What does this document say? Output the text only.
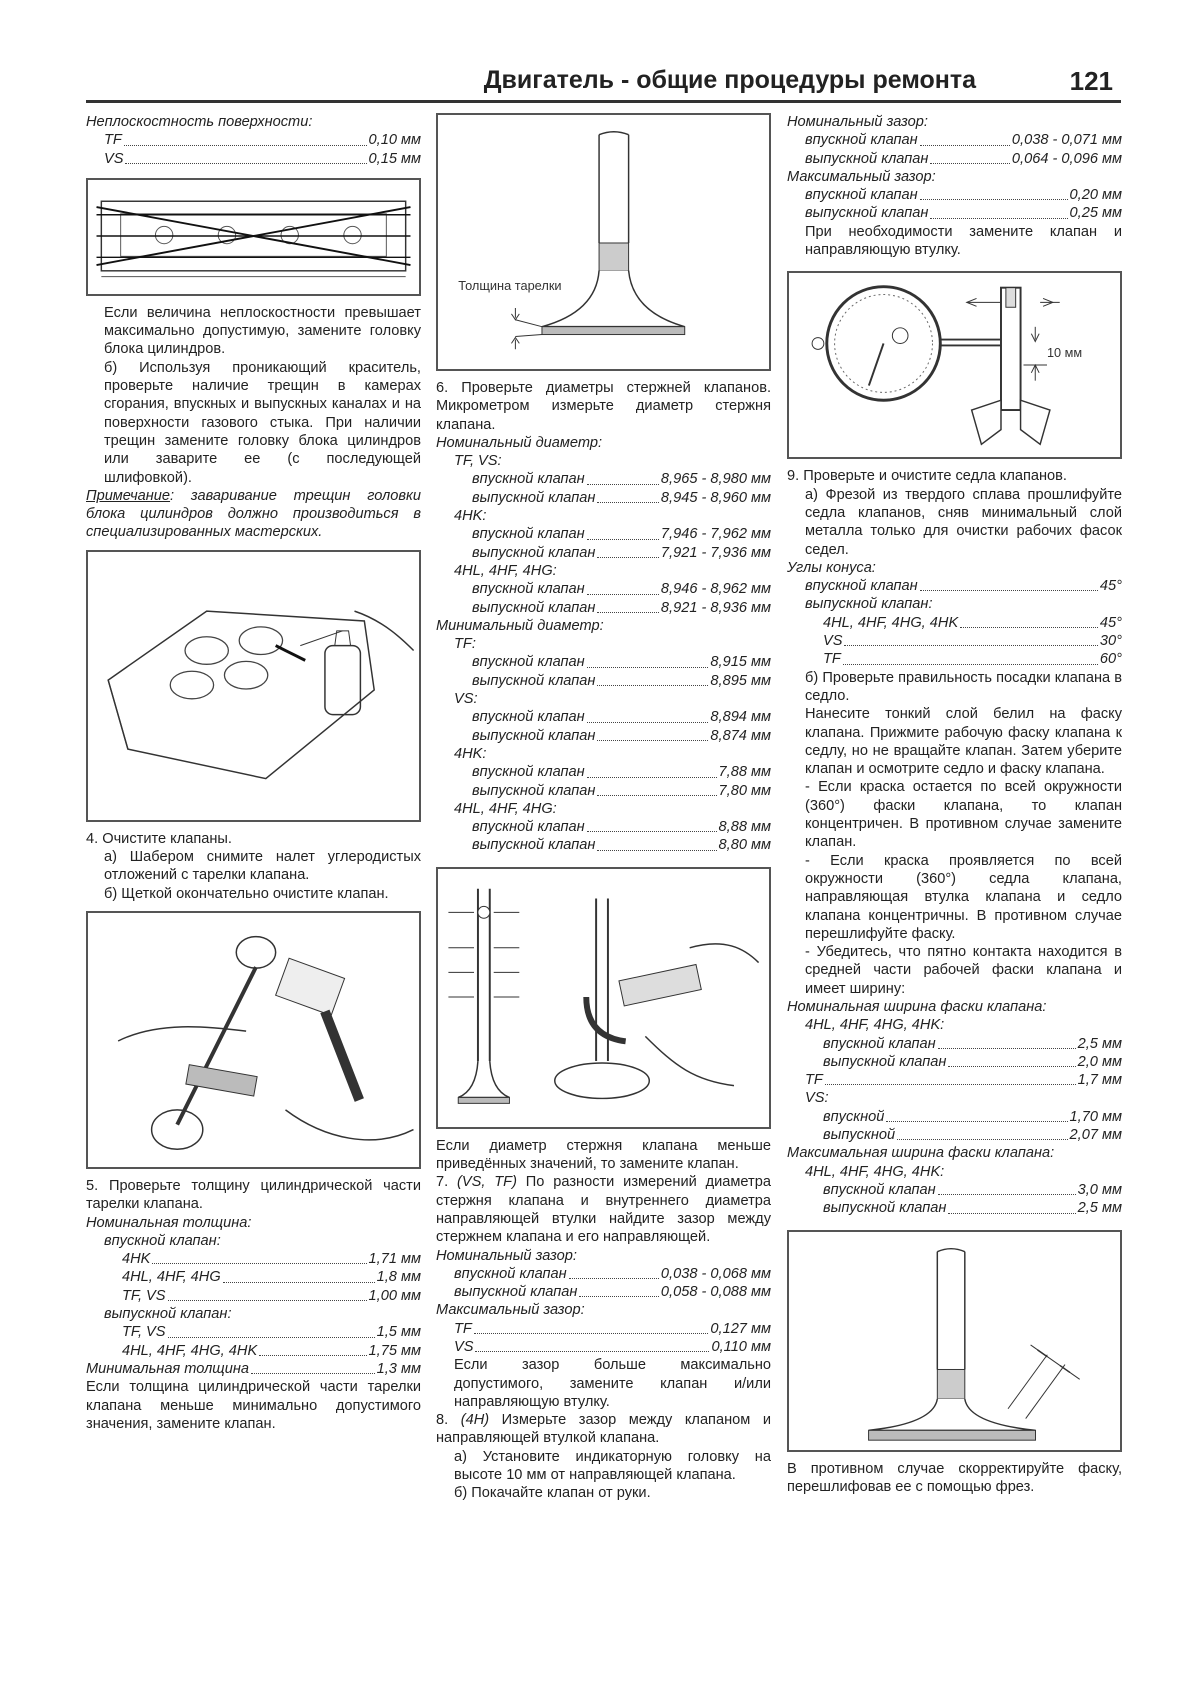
Двигатель - общие процедуры ремонта	121

Неплоскостность поверхности:

TF	0,10 мм
VS	0,15 мм

Если величина неплоскостности превышает максимально допустимую, замените головку блока цилиндров.

б) Используя проникающий краситель, проверьте наличие трещин в камерах сгорания, впускных и выпускных каналах и на поверхности газового стыка. При наличии трещин замените головку блока цилиндров или заварите ее (с последующей шлифовкой).

Примечание: заваривание трещин головки блока цилиндров должно производиться в специализированных мастерских.

4. Очистите клапаны.

а) Шабером снимите налет углеродистых отложений с тарелки клапана.

б) Щеткой окончательно очистите клапан.

5. Проверьте толщину цилиндрической части тарелки клапана.

Номинальная толщина:

впускной клапан:

4HK	1,71 мм
4HL, 4HF, 4HG	1,8 мм
TF, VS	1,00 мм

выпускной клапан:

TF, VS	1,5 мм
4HL, 4HF, 4HG, 4HK	1,75 мм
Минимальная толщина	1,3 мм

Если толщина цилиндрической части тарелки клапана меньше минимально допустимого значения, замените клапан.

Толщина тарелки

6. Проверьте диаметры стержней клапанов. Микрометром измерьте диаметр стержня клапана.

Номинальный диаметр:

TF, VS:

впускной клапан	8,965 - 8,980 мм
выпускной клапан	8,945 - 8,960 мм

4HK:

впускной клапан	7,946 - 7,962 мм
выпускной клапан	7,921 - 7,936 мм

4HL, 4HF, 4HG:

впускной клапан	8,946 - 8,962 мм
выпускной клапан	8,921 - 8,936 мм

Минимальный диаметр:

TF:

впускной клапан	8,915 мм
выпускной клапан	8,895 мм

VS:

впускной клапан	8,894 мм
выпускной клапан	8,874 мм

4HK:

впускной клапан	7,88 мм
выпускной клапан	7,80 мм

4HL, 4HF, 4HG:

впускной клапан	8,88 мм
выпускной клапан	8,80 мм

Если диаметр стержня клапана меньше приведённых значений, то замените клапан.

7. (VS, TF) По разности измерений диаметра стержня клапана и внутреннего диаметра направляющей втулки найдите зазор между стержнем клапана и его направляющей.

Номинальный зазор:

впускной клапан	0,038 - 0,068 мм
выпускной клапан	0,058 - 0,088 мм

Максимальный зазор:

TF	0,127 мм
VS	0,110 мм

Если зазор больше максимально допустимого, замените клапан и/или направляющую втулку.

8. (4H) Измерьте зазор между клапаном и направляющей втулкой клапана.

а) Установите индикаторную головку на высоте 10 мм от направляющей клапана.

б) Покачайте клапан от руки.

Номинальный зазор:

впускной клапан	0,038 - 0,071 мм
выпускной клапан	0,064 - 0,096 мм

Максимальный зазор:

впускной клапан	0,20 мм
выпускной клапан	0,25 мм

При необходимости замените клапан и направляющую втулку.

10 мм

9. Проверьте и очистите седла клапанов.

а) Фрезой из твердого сплава прошлифуйте седла клапанов, сняв минимальный слой металла только для очистки рабочих фасок седел.

Углы конуса:

впускной клапан	45°

выпускной клапан:

4HL, 4HF, 4HG, 4HK	45°
VS	30°
TF	60°

б) Проверьте правильность посадки клапана в седло.

Нанесите тонкий слой белил на фаску клапана. Прижмите рабочую фаску клапана к седлу, но не вращайте клапан. Затем уберите клапан и осмотрите седло и фаску клапана.

- Если краска остается по всей окружности (360°) фаски клапана, то клапан концентричен. В противном случае замените клапан.

- Если краска проявляется по всей окружности (360°) седла клапана, направляющая втулка клапана и седло клапана концентричны. В противном случае перешлифуйте фаску.

- Убедитесь, что пятно контакта находится в средней части рабочей фаски клапана и имеет ширину:

Номинальная ширина фаски клапана:

4HL, 4HF, 4HG, 4HK:

впускной клапан	2,5 мм
выпускной клапан	2,0 мм
TF	1,7 мм

VS:

впускной	1,70 мм
выпускной	2,07 мм

Максимальная ширина фаски клапана:

4HL, 4HF, 4HG, 4HK:

впускной клапан	3,0 мм
выпускной клапан	2,5 мм

В противном случае скорректируйте фаску, перешлифовав ее с помощью фрез.
